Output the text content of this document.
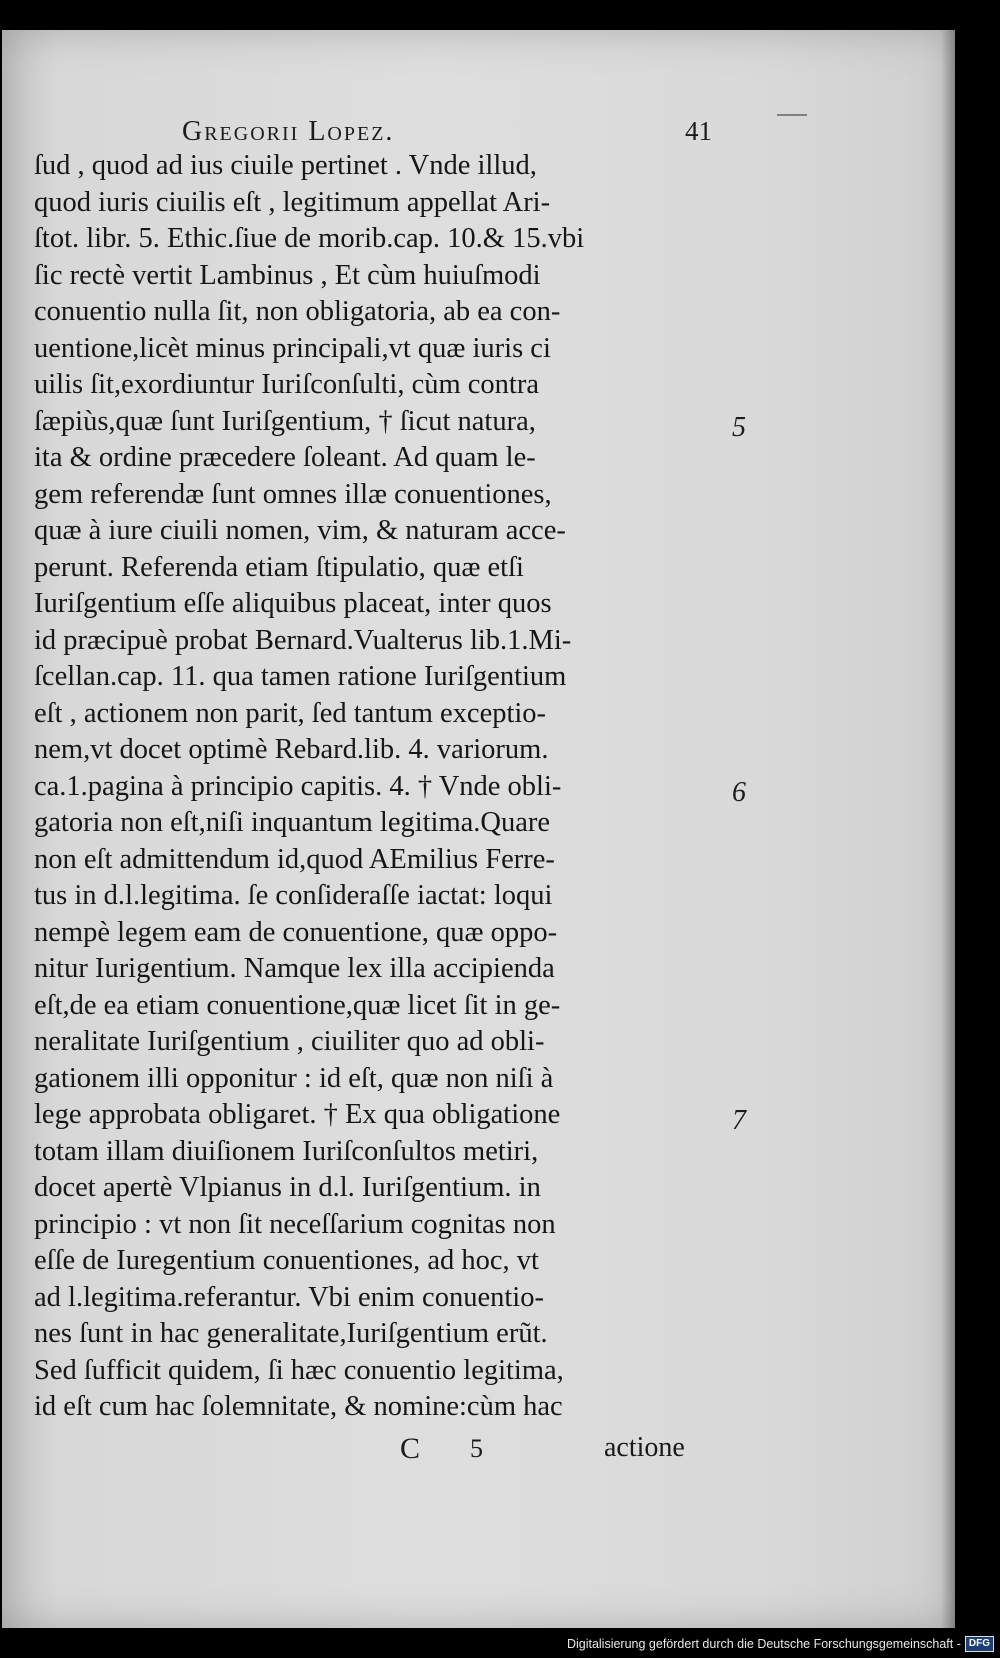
Gregorii Lopez.	41
ſud , quod ad ius ciuile pertinet . Vnde illud,
quod iuris ciuilis eſt , legitimum appellat Ari-
ſtot. libr. 5. Ethic.ſiue de morib.cap. 10.& 15.vbi
ſic rectè vertit Lambinus , Et cùm huiuſmodi
conuentio nulla ſit, non obligatoria, ab ea con-
uentione,licèt minus principali,vt quæ iuris ci
uilis ſit,exordiuntur Iuriſconſulti, cùm contra
ſæpiùs,quæ ſunt Iuriſgentium, † ſicut natura,
ita & ordine præcedere ſoleant. Ad quam le-
gem referendæ ſunt omnes illæ conuentiones,
quæ à iure ciuili nomen, vim, & naturam acce-
perunt. Referenda etiam ſtipulatio, quæ etſi
Iuriſgentium eſſe aliquibus placeat, inter quos
id præcipuè probat Bernard.Vualterus lib.1.Mi-
ſcellan.cap. 11. qua tamen ratione Iuriſgentium
eſt , actionem non parit, ſed tantum exceptio-
nem,vt docet optimè Rebard.lib. 4. variorum.
ca.1.pagina à principio capitis. 4. † Vnde obli-
gatoria non eſt,niſi inquantum legitima.Quare
non eſt admittendum id,quod AEmilius Ferre-
tus in d.l.legitima. ſe conſideraſſe iactat: loqui
nempè legem eam de conuentione, quæ oppo-
nitur Iurigentium. Namque lex illa accipienda
eſt,de ea etiam conuentione,quæ licet ſit in ge-
neralitate Iuriſgentium , ciuiliter quo ad obli-
gationem illi opponitur : id eſt, quæ non niſi à
lege approbata obligaret. † Ex qua obligatione
totam illam diuiſionem Iuriſconſultos metiri,
docet apertè Vlpianus in d.l. Iuriſgentium. in
principio : vt non ſit neceſſarium cognitas non
eſſe de Iuregentium conuentiones, ad hoc, vt
ad l.legitima.referantur. Vbi enim conuentio-
nes ſunt in hac generalitate,Iuriſgentium erũt.
Sed ſufficit quidem, ſi hæc conuentio legitima,
id eſt cum hac ſolemnitate, & nomine:cùm hac
5
6
7
C 5	actione
Digitalisierung gefördert durch die Deutsche Forschungsgemeinschaft - DFG
